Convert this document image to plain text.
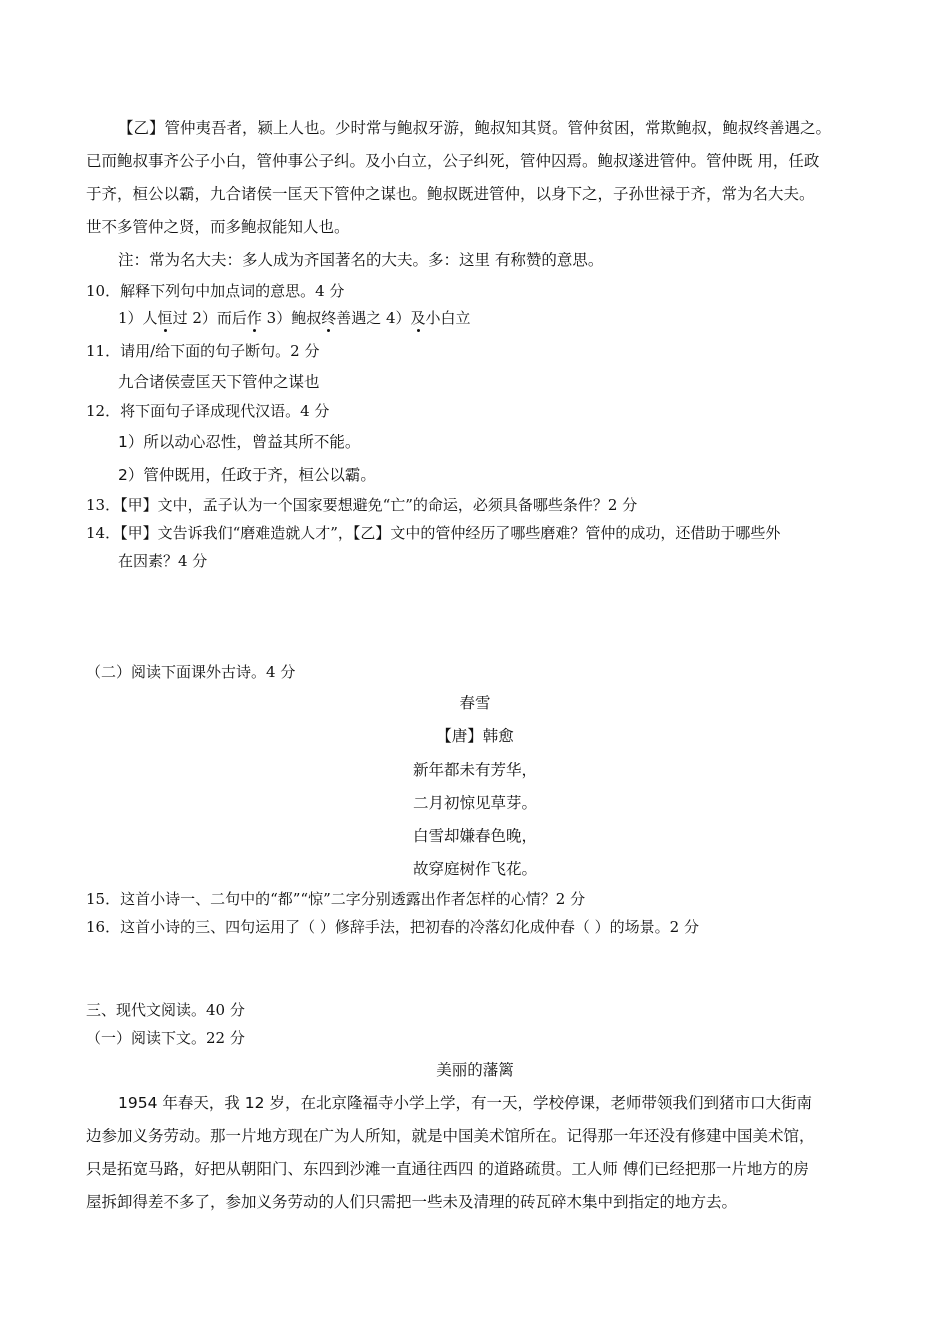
【乙】管仲夷吾者，颍上人也。少时常与鲍叔牙游，鲍叔知其贤。管仲贫困，常欺鲍叔，鲍叔终善遇之。
已而鲍叔事齐公子小白，管仲事公子纠。及小白立，公子纠死，管仲囚焉。鲍叔遂进管仲。管仲既 用，任政
于齐，桓公以霸，九合诸侯一匡天下管仲之谋也。鲍叔既进管仲，以身下之，子孙世禄于齐，常为名大夫。
世不多管仲之贤，而多鲍叔能知人也。
注：常为名大夫：多人成为齐国著名的大夫。多：这里 有称赞的意思。
10．解释下列句中加点词的意思。4 分
1）人恒过 2）而后作 3）鲍叔终善遇之 4）及小白立
11．请用/给下面的句子断句。2 分
九合诸侯壹匡天下管仲之谋也
12．将下面句子译成现代汉语。4 分
1）所以动心忍性，曾益其所不能。
2）管仲既用，任政于齐，桓公以霸。
13．【甲】文中，孟子认为一个国家要想避免“亡”的命运，必须具备哪些条件？2 分
14．【甲】文告诉我们“磨难造就人才”，【乙】文中的管仲经历了哪些磨难？管仲的成功，还借助于哪些外
在因素？4 分
（二）阅读下面课外古诗。4 分
春雪
【唐】韩愈
新年都未有芳华，
二月初惊见草芽。
白雪却嫌春色晚，
故穿庭树作飞花。
15．这首小诗一、二句中的“都”“惊”二字分别透露出作者怎样的心情？2 分
16．这首小诗的三、四句运用了（ ）修辞手法，把初春的冷落幻化成仲春（ ）的场景。2 分
三、现代文阅读。40 分
（一）阅读下文。22 分
美丽的藩篱
1954 年春天，我 12 岁，在北京隆福寺小学上学，有一天，学校停课，老师带领我们到猪市口大街南
边参加义务劳动。那一片地方现在广为人所知，就是中国美术馆所在。记得那一年还没有修建中国美术馆，
只是拓宽马路，好把从朝阳门、东四到沙滩一直通往西四 的道路疏贯。工人师 傅们已经把那一片地方的房
屋拆卸得差不多了，参加义务劳动的人们只需把一些未及清理的砖瓦碎木集中到指定的地方去。
